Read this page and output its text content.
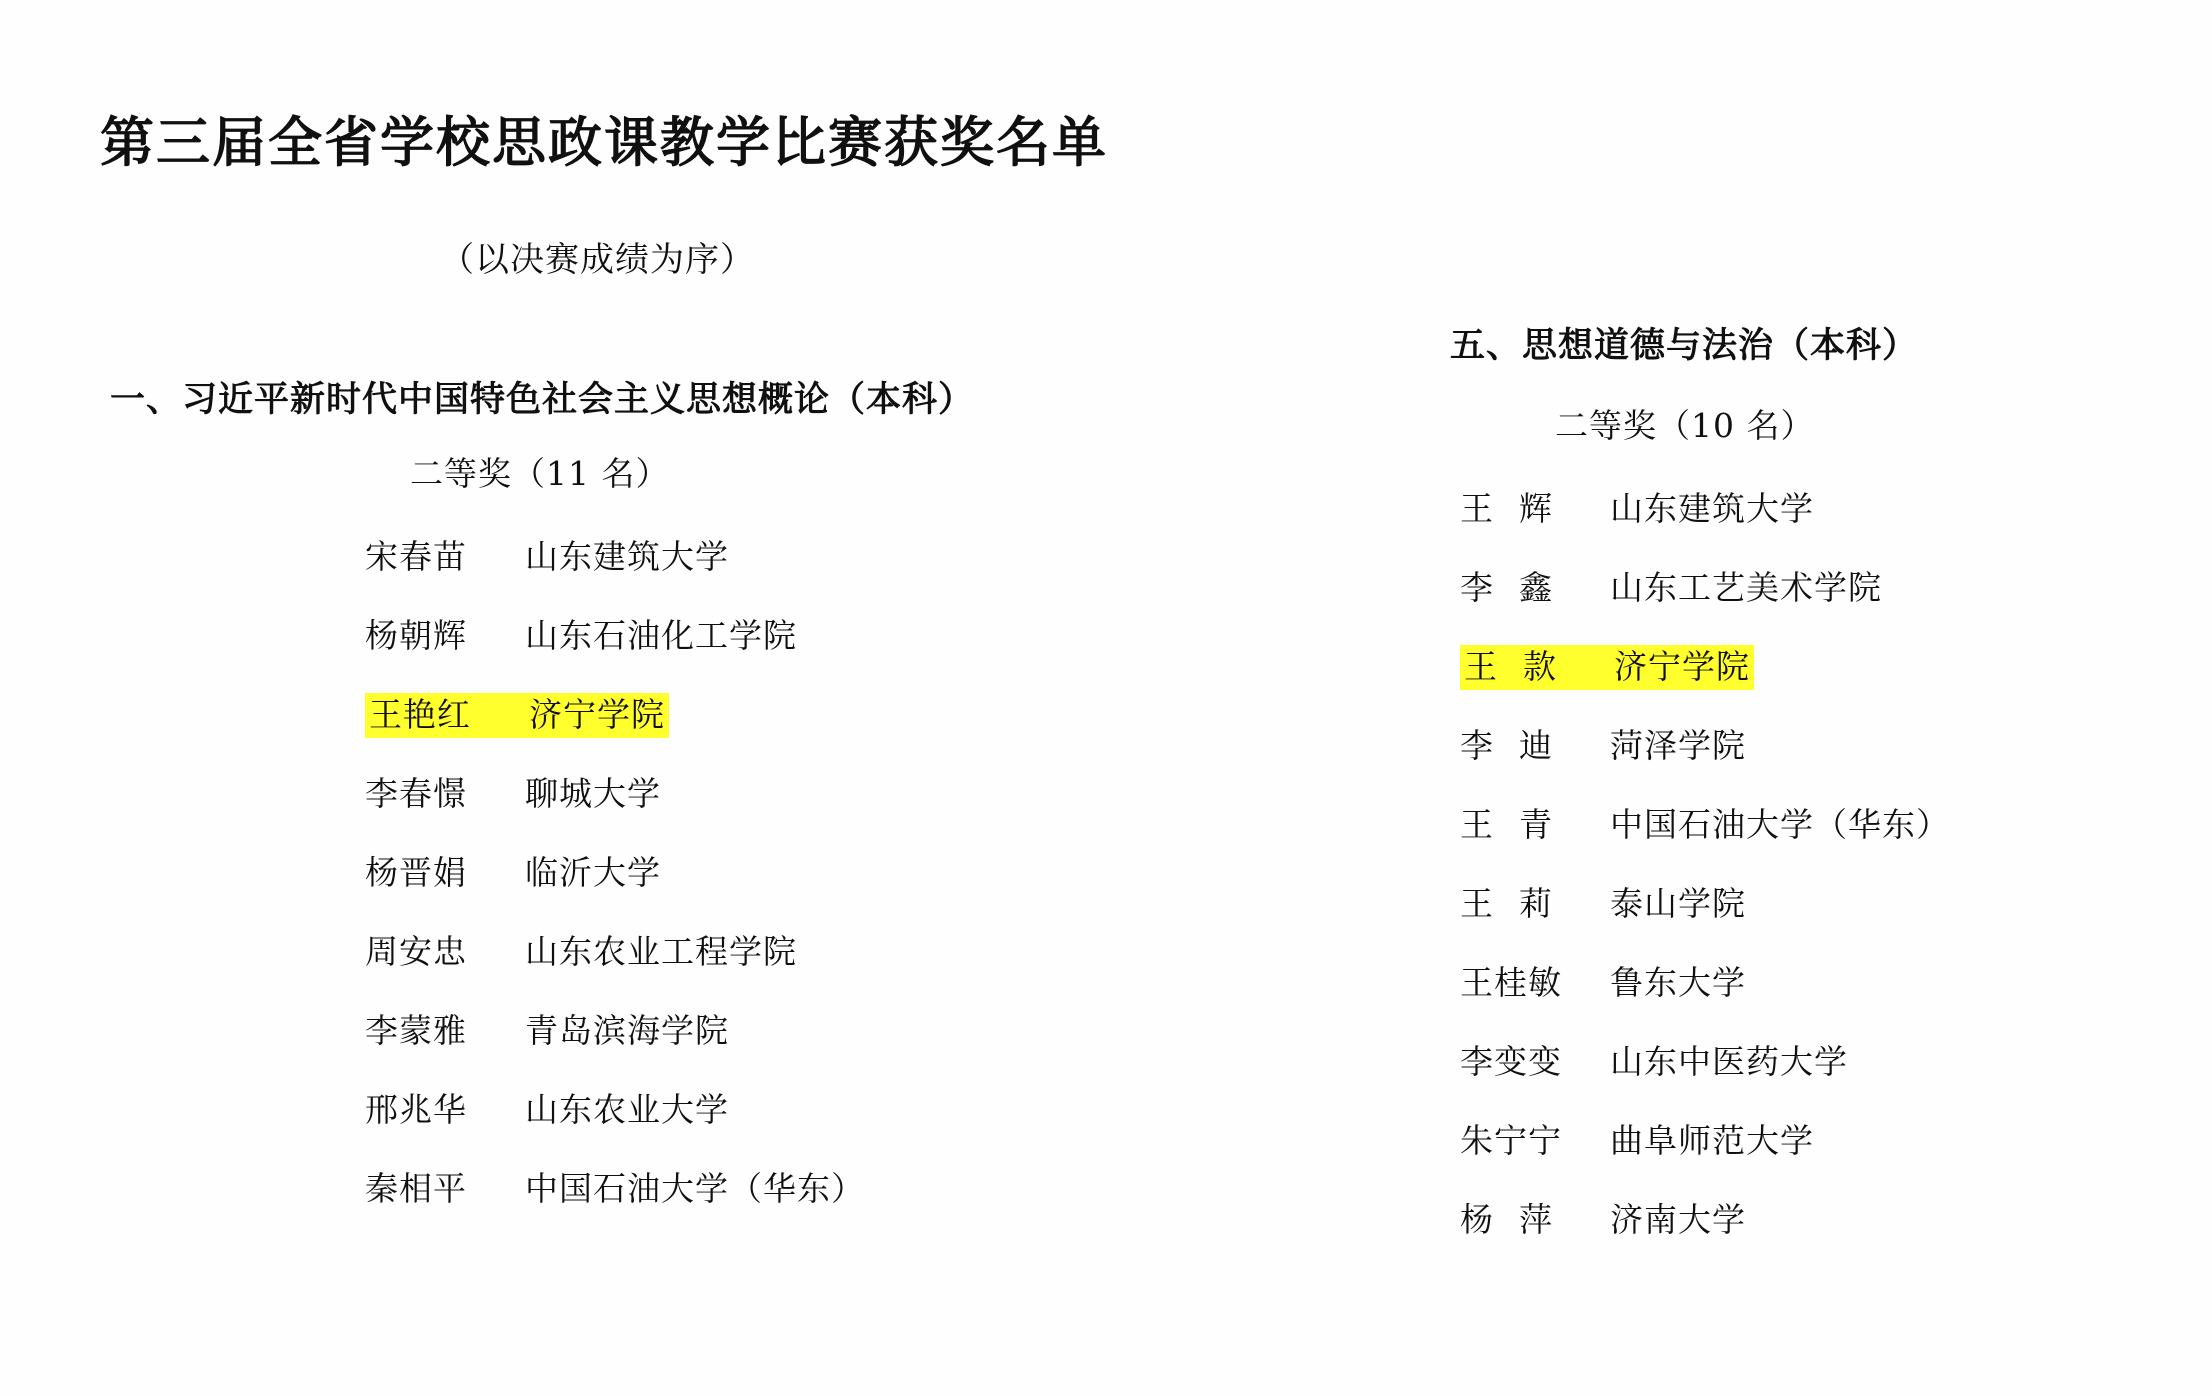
第三届全省学校思政课教学比赛获奖名单
（以决赛成绩为序）
一、习近平新时代中国特色社会主义思想概论（本科）
二等奖（11 名）
宋春苗 山东建筑大学
杨朝辉 山东石油化工学院
王艳红 济宁学院
李春憬 聊城大学
杨晋娟 临沂大学
周安忠 山东农业工程学院
李蒙雅 青岛滨海学院
邢兆华 山东农业大学
秦相平 中国石油大学（华东）
五、思想道德与法治（本科）
二等奖（10 名）
王辉 山东建筑大学
李鑫 山东工艺美术学院
王款 济宁学院
李迪 菏泽学院
王青 中国石油大学（华东）
王莉 泰山学院
王桂敏 鲁东大学
李变变 山东中医药大学
朱宁宁 曲阜师范大学
杨萍 济南大学
